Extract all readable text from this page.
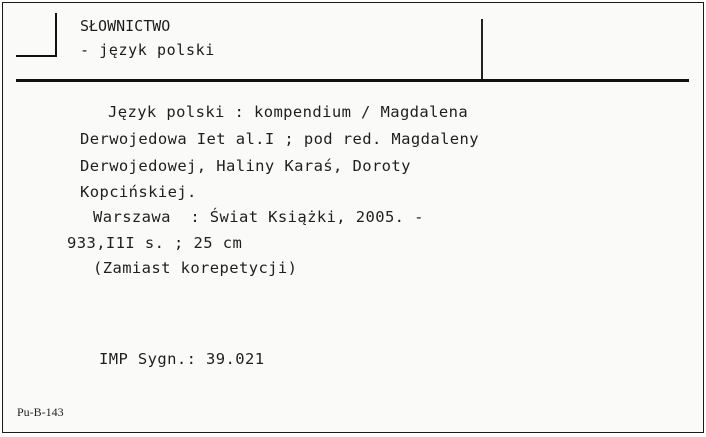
SŁOWNICTWO
- język polski
Język polski : kompendium / Magdalena
Derwojedowa Iet al.I ; pod red. Magdaleny
Derwojedowej, Haliny Karaś, Doroty
Kopcińskiej.
Warszawa  : Świat Książki, 2005. -
933,I1I s. ; 25 cm
(Zamiast korepetycji)
IMP Sygn.: 39.021
Pu-B-143
